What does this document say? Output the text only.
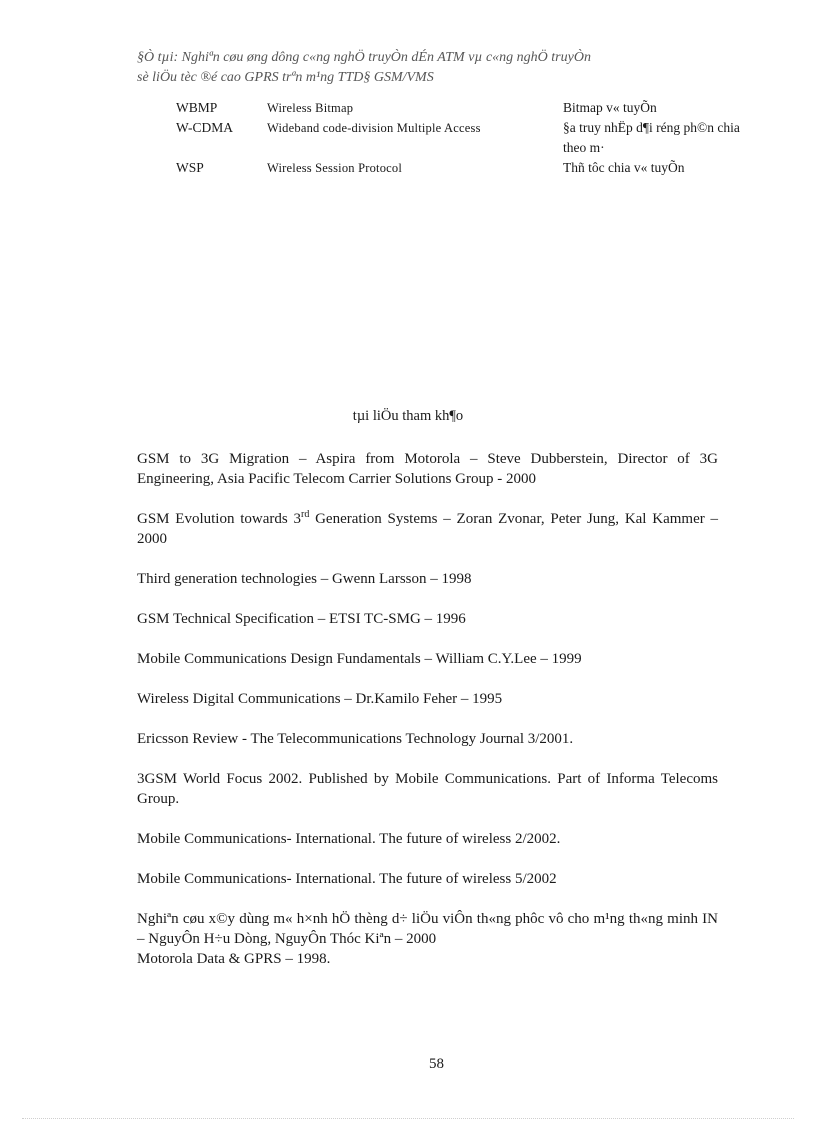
§Ò tµi: Nghiªn cøu øng dông c«ng nghÖ truyÒn dÉn ATM vµ c«ng nghÖ truyÒn
sè liÖu tèc ®é cao GPRS trªn m¹ng TTD§ GSM/VMS
WBMP	Wireless Bitmap	Bitmap v« tuyÕn
W-CDMA	Wideband code-division Multiple Access	§a truy nhËp d¶i réng ph©n chia theo m·
WSP	Wireless Session Protocol	Thñ tôc chia v« tuyÕn
tµi liÖu tham kh¶o

GSM to 3G Migration – Aspira from Motorola – Steve Dubberstein, Director of 3G Engineering, Asia Pacific Telecom Carrier Solutions Group - 2000

GSM Evolution towards 3rd Generation Systems – Zoran Zvonar, Peter Jung, Kal Kammer – 2000

Third generation technologies – Gwenn Larsson – 1998

GSM Technical Specification – ETSI TC-SMG – 1996

Mobile Communications Design Fundamentals – William C.Y.Lee – 1999

Wireless Digital Communications – Dr.Kamilo Feher – 1995

Ericsson Review - The Telecommunications Technology Journal 3/2001.

3GSM World Focus 2002. Published by Mobile Communications. Part of Informa Telecoms Group.

Mobile Communications- International. The future of wireless 2/2002.

Mobile Communications- International. The future of wireless 5/2002

Nghiªn cøu x©y dùng m« h×nh hÖ thèng d÷ liÖu viÔn th«ng phôc vô cho m¹ng th«ng minh IN – NguyÔn H÷u Dòng, NguyÔn Thóc Kiªn – 2000

Motorola Data & GPRS – 1998.

58
